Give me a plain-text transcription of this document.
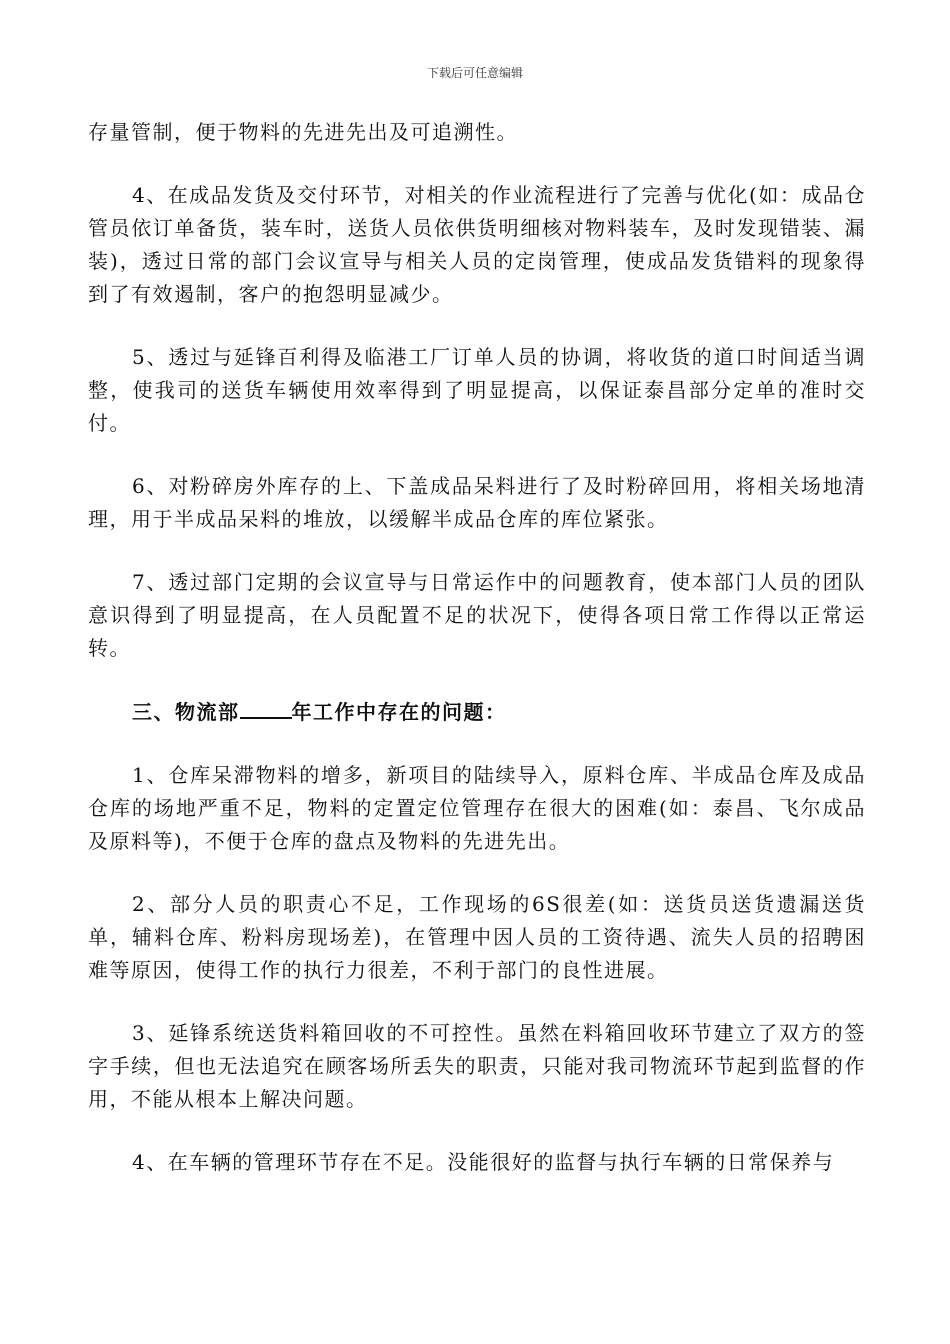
下载后可任意编辑

存量管制，便于物料的先进先出及可追溯性。

4、在成品发货及交付环节，对相关的作业流程进行了完善与优化(如：成品仓管员依订单备货，装车时，送货人员依供货明细核对物料装车，及时发现错装、漏装)，透过日常的部门会议宣导与相关人员的定岗管理，使成品发货错料的现象得到了有效遏制，客户的抱怨明显减少。

5、透过与延锋百利得及临港工厂订单人员的协调，将收货的道口时间适当调整，使我司的送货车辆使用效率得到了明显提高，以保证泰昌部分定单的准时交付。

6、对粉碎房外库存的上、下盖成品呆料进行了及时粉碎回用，将相关场地清理，用于半成品呆料的堆放，以缓解半成品仓库的库位紧张。

7、透过部门定期的会议宣导与日常运作中的问题教育，使本部门人员的团队意识得到了明显提高，在人员配置不足的状况下，使得各项日常工作得以正常运转。

三、物流部	年工作中存在的问题：

1、仓库呆滞物料的增多，新项目的陆续导入，原料仓库、半成品仓库及成品仓库的场地严重不足，物料的定置定位管理存在很大的困难(如：泰昌、飞尔成品及原料等)，不便于仓库的盘点及物料的先进先出。

2、部分人员的职责心不足，工作现场的6S很差(如：送货员送货遗漏送货单，辅料仓库、粉料房现场差)，在管理中因人员的工资待遇、流失人员的招聘困难等原因，使得工作的执行力很差，不利于部门的良性进展。

3、延锋系统送货料箱回收的不可控性。虽然在料箱回收环节建立了双方的签字手续，但也无法追究在顾客场所丢失的职责，只能对我司物流环节起到监督的作用，不能从根本上解决问题。

4、在车辆的管理环节存在不足。没能很好的监督与执行车辆的日常保养与
